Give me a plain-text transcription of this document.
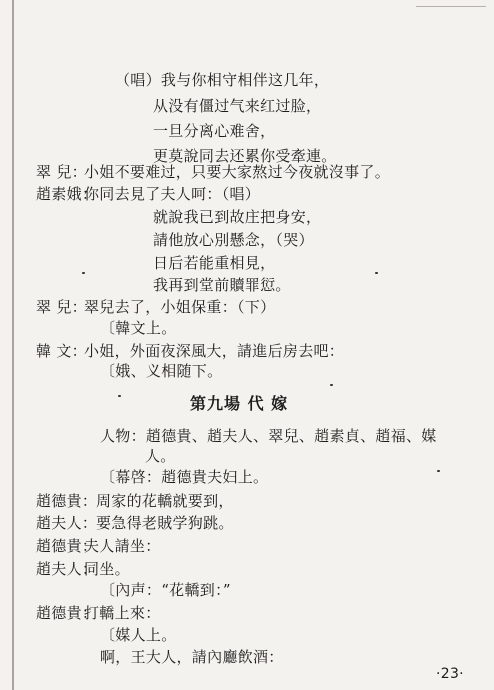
（唱）我与你相守相伴这几年，
从没有僵过气来红过脸，
一旦分离心难舍，
更莫說同去还累你受牽連。
翠 兒：小姐不要难过，只要大家熬过今夜就沒事了。
趙素娥：你同去見了夫人呵：（唱）
就說我已到故庄把身安，
請他放心別懸念，（哭）
日后若能重相見，
我再到堂前贖罪愆。
翠 兒：翠兒去了，小姐保重：（下）
〔韓文上。
韓 文：小姐，外面夜深風大，請進后房去吧：
〔娥、义相随下。
第九場 代 嫁
人物：趙德貴、趙夫人、翠兒、趙素貞、趙福、媒
人。
〔幕啓：趙德貴夫妇上。
趙德貴：周家的花轎就要到，
趙夫人：要急得老賊学狗跳。
趙德貴：夫人請坐：
趙夫人：同坐。
〔內声：“花轎到：”
趙德貴：打轎上來：
〔媒人上。
啊，王大人，請內廳飲酒：
·23·
